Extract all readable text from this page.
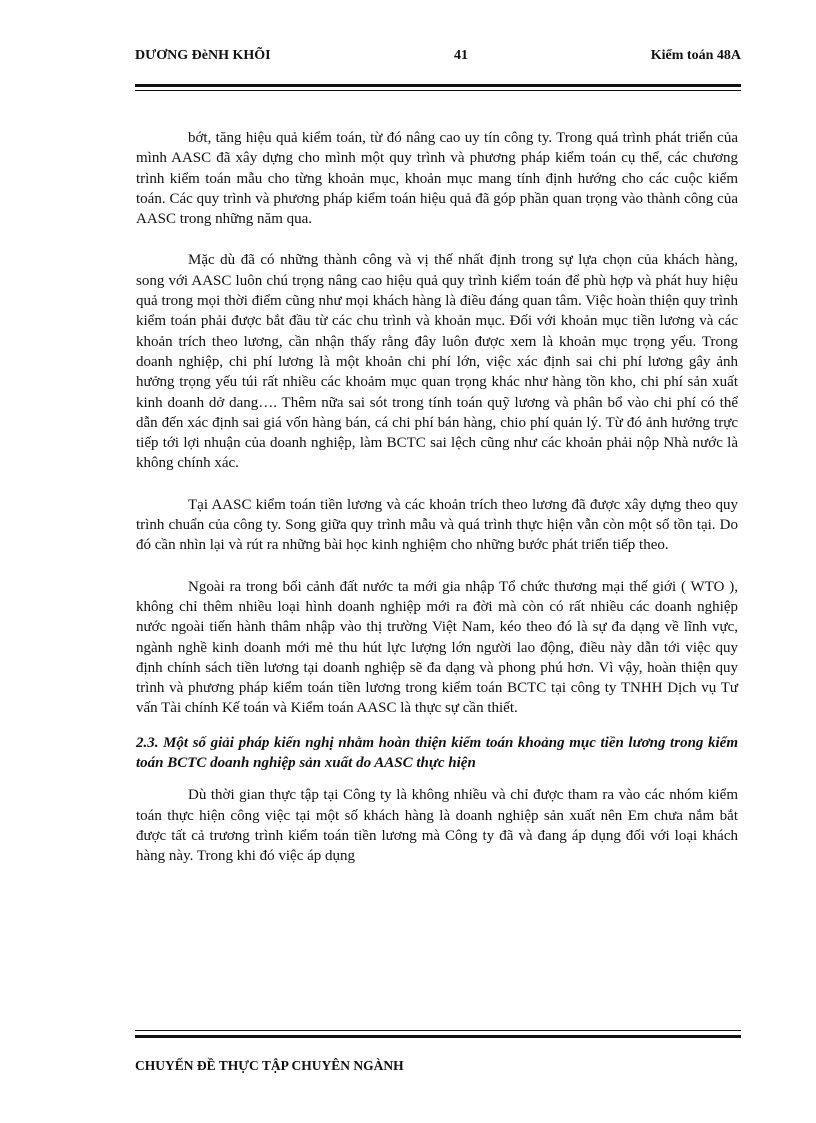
DƯƠNG ĐèNH KHÕI	41	Kiểm toán 48A

bớt, tăng hiệu quả kiểm toán, từ đó nâng cao uy tín công ty. Trong quá trình phát triển của mình AASC đã xây dựng cho mình một quy trình và phương pháp kiểm toán cụ thể, các chương trình kiểm toán mẫu cho từng khoản mục, khoản mục mang tính định hướng cho các cuộc kiểm toán. Các quy trình và phương pháp kiểm toán hiệu quả đã góp phần quan trọng vào thành công của AASC trong những năm qua.

Mặc dù đã có những thành công và vị thế nhất định trong sự lựa chọn của khách hàng, song với AASC luôn chú trọng nâng cao hiệu quả quy trình kiểm toán để phù hợp và phát huy hiệu quả trong mọi thời điểm cũng như mọi khách hàng là điều đáng quan tâm. Việc hoàn thiện quy trình kiểm toán phải được bắt đầu từ các chu trình và khoản mục. Đối với khoản mục tiền lương và các khoản trích theo lương, cần nhận thấy rằng đây luôn được xem là khoản mục trọng yếu. Trong doanh nghiệp, chi phí lương là một khoản chi phí lớn, việc xác định sai chi phí lương gây ảnh hưởng trọng yếu túi rất nhiều các khoảm mục quan trọng khác như hàng tồn kho, chi phí sản xuất kinh doanh dở dang…. Thêm nữa sai sót trong tính toán quỹ lương và phân bổ vào chi phí có thể dẫn đến xác định sai giá vốn hàng bán, cá chi phí bán hàng, chio phí quản lý. Từ đó ảnh hưởng trực tiếp tới lợi nhuận của doanh nghiệp, làm BCTC sai lệch cũng như các khoản phải nộp Nhà nước là không chính xác.

Tại AASC kiểm toán tiền lương và các khoản trích theo lương đã được xây dựng theo quy trình chuẩn của công ty. Song giữa quy trình mẫu và quá trình thực hiện vẫn còn một số tồn tại. Do đó cần nhìn lại và rút ra những bài học kinh nghiệm cho những bước phát triển tiếp theo.

Ngoài ra trong bối cảnh đất nước ta mới gia nhập Tổ chức thương mại thế giới ( WTO ), không chỉ thêm nhiều loại hình doanh nghiệp mới ra đời mà còn có rất nhiều các doanh nghiệp nước ngoài tiến hành thâm nhập vào thị trường Việt Nam, kéo theo đó là sự đa dạng về lĩnh vực, ngành nghề kinh doanh mới mẻ thu hút lực lượng lớn người lao động, điều này dẫn tới việc quy định chính sách tiền lương tại doanh nghiệp sẽ đa dạng và phong phú hơn. Vì vậy, hoàn thiện quy trình và phương pháp kiểm toán tiền lương trong kiểm toán BCTC tại công ty TNHH Dịch vụ Tư vấn Tài chính Kế toán và Kiểm toán AASC là thực sự cần thiết.

2.3. Một số giải pháp kiến nghị nhằm hoàn thiện kiểm toán khoảng mục tiền lương trong kiểm toán BCTC doanh nghiệp sản xuất do AASC thực hiện

Dù thời gian thực tập tại Công ty là không nhiều và chỉ được tham ra vào các nhóm kiểm toán thực hiện công việc tại một số khách hàng là doanh nghiệp sản xuất nên Em chưa nắm bắt được tất cả trương trình kiểm toán tiền lương mà Công ty đã và đang áp dụng đối với loại khách hàng này. Trong khi đó việc áp dụng

CHUYẾN ĐỀ THỰC TẬP CHUYÊN NGÀNH
